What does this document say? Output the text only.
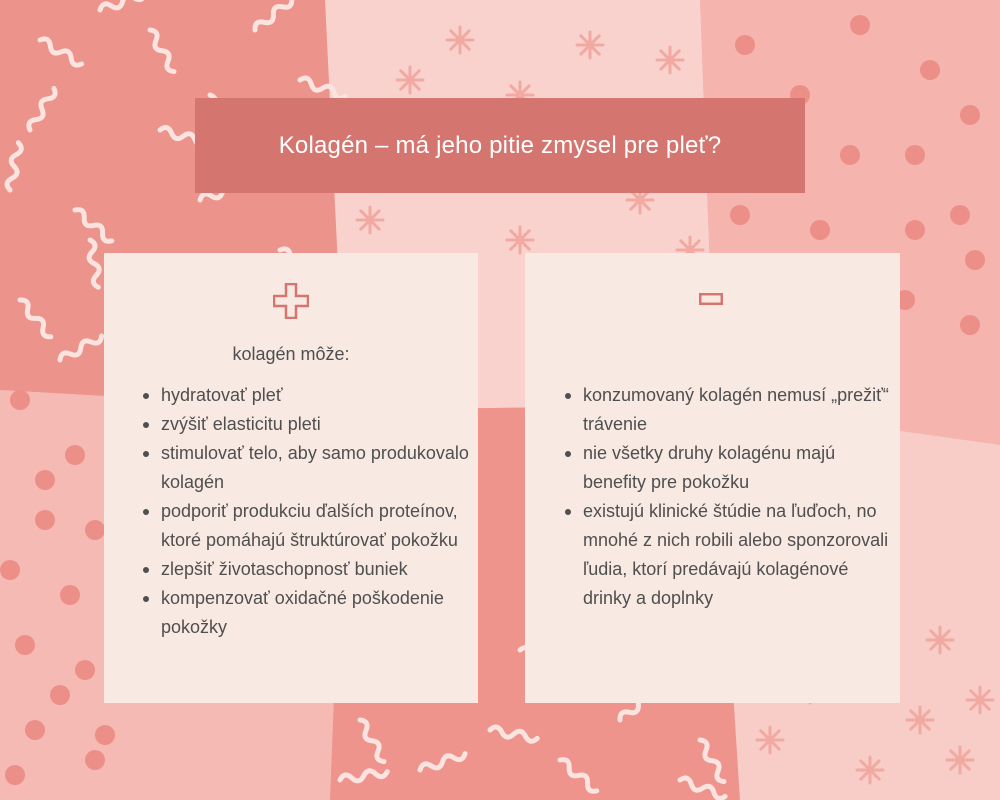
Kolagén – má jeho pitie zmysel pre pleť?
kolagén môže:
hydratovať pleť
zvýšiť elasticitu pleti
stimulovať telo, aby samo produkovalo kolagén
podporiť produkciu ďalších proteínov, ktoré pomáhajú štruktúrovať pokožku
zlepšiť životaschopnosť buniek
kompenzovať oxidačné poškodenie pokožky
konzumovaný kolagén nemusí „prežiť“ trávenie
nie všetky druhy kolagénu majú benefity pre pokožku
existujú klinické štúdie na ľuďoch, no mnohé z nich robili alebo sponzorovali ľudia, ktorí predávajú kolagénové drinky a doplnky
